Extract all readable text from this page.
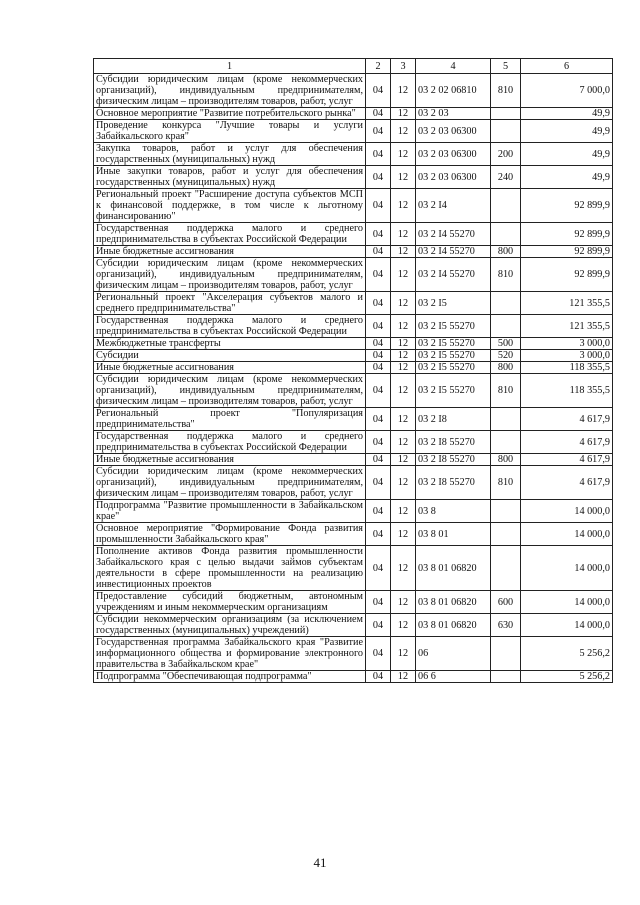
1	2	3	4	5	6
Субсидии юридическим лицам (кроме некоммерческих организаций), индивидуальным предпринимателям, физическим лицам – производителям товаров, работ, услуг	04	12	03 2 02 06810	810	7 000,0
Основное мероприятие "Развитие потребительского рынка"	04	12	03 2 03		49,9
Проведение конкурса "Лучшие товары и услуги Забайкальского края"	04	12	03 2 03 06300		49,9
Закупка товаров, работ и услуг для обеспечения государственных (муниципальных) нужд	04	12	03 2 03 06300	200	49,9
Иные закупки товаров, работ и услуг для обеспечения государственных (муниципальных) нужд	04	12	03 2 03 06300	240	49,9
Региональный проект "Расширение доступа субъектов МСП к финансовой поддержке, в том числе к льготному финансированию"	04	12	03 2 I4		92 899,9
Государственная поддержка малого и среднего предпринимательства в субъектах Российской Федерации	04	12	03 2 I4 55270		92 899,9
Иные бюджетные ассигнования	04	12	03 2 I4 55270	800	92 899,9
Субсидии юридическим лицам (кроме некоммерческих организаций), индивидуальным предпринимателям, физическим лицам – производителям товаров, работ, услуг	04	12	03 2 I4 55270	810	92 899,9
Региональный проект "Акселерация субъектов малого и среднего предпринимательства"	04	12	03 2 I5		121 355,5
Государственная поддержка малого и среднего предпринимательства в субъектах Российской Федерации	04	12	03 2 I5 55270		121 355,5
Межбюджетные трансферты	04	12	03 2 I5 55270	500	3 000,0
Субсидии	04	12	03 2 I5 55270	520	3 000,0
Иные бюджетные ассигнования	04	12	03 2 I5 55270	800	118 355,5
Субсидии юридическим лицам (кроме некоммерческих организаций), индивидуальным предпринимателям, физическим лицам – производителям товаров, работ, услуг	04	12	03 2 I5 55270	810	118 355,5
Региональный проект "Популяризация предпринимательства"	04	12	03 2 I8		4 617,9
Государственная поддержка малого и среднего предпринимательства в субъектах Российской Федерации	04	12	03 2 I8 55270		4 617,9
Иные бюджетные ассигнования	04	12	03 2 I8 55270	800	4 617,9
Субсидии юридическим лицам (кроме некоммерческих организаций), индивидуальным предпринимателям, физическим лицам – производителям товаров, работ, услуг	04	12	03 2 I8 55270	810	4 617,9
Подпрограмма "Развитие промышленности в Забайкальском крае"	04	12	03 8		14 000,0
Основное мероприятие "Формирование Фонда развития промышленности Забайкальского края"	04	12	03 8 01		14 000,0
Пополнение активов Фонда развития промышленности Забайкальского края с целью выдачи займов субъектам деятельности в сфере промышленности на реализацию инвестиционных проектов	04	12	03 8 01 06820		14 000,0
Предоставление субсидий бюджетным, автономным учреждениям и иным некоммерческим организациям	04	12	03 8 01 06820	600	14 000,0
Субсидии некоммерческим организациям (за исключением государственных (муниципальных) учреждений)	04	12	03 8 01 06820	630	14 000,0
Государственная программа Забайкальского края "Развитие информационного общества и формирование электронного правительства в Забайкальском крае"	04	12	06		5 256,2
Подпрограмма "Обеспечивающая подпрограмма"	04	12	06 6		5 256,2
41
